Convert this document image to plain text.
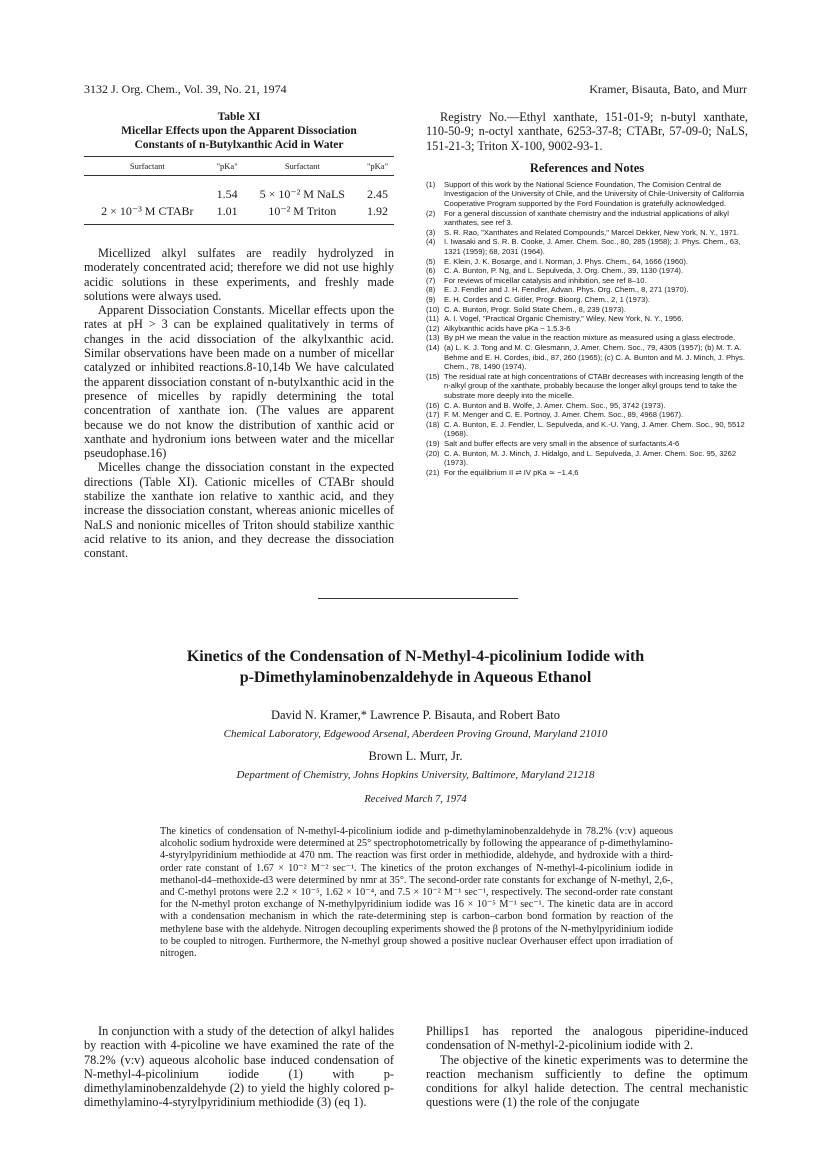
3132 J. Org. Chem., Vol. 39, No. 21, 1974	Kramer, Bisauta, Bato, and Murr
Table XI
Micellar Effects upon the Apparent Dissociation
Constants of n-Butylxanthic Acid in Water
Surfactant	"pKa"	Surfactant	"pKa"

	1.54	5 × 10⁻² M NaLS	2.45
2 × 10⁻³ M CTABr	1.01	10⁻² M Triton	1.92

Micellized alkyl sulfates are readily hydrolyzed in moderately concentrated acid; therefore we did not use highly acidic solutions in these experiments, and freshly made solutions were always used.

Apparent Dissociation Constants. Micellar effects upon the rates at pH > 3 can be explained qualitatively in terms of changes in the acid dissociation of the alkylxanthic acid. Similar observations have been made on a number of micellar catalyzed or inhibited reactions.8-10,14b We have calculated the apparent dissociation constant of n-butylxanthic acid in the presence of micelles by rapidly determining the total concentration of xanthate ion. (The values are apparent because we do not know the distribution of xanthic acid or xanthate and hydronium ions between water and the micellar pseudophase.16)

Micelles change the dissociation constant in the expected directions (Table XI). Cationic micelles of CTABr should stabilize the xanthate ion relative to xanthic acid, and they increase the dissociation constant, whereas anionic micelles of NaLS and nonionic micelles of Triton should stabilize xanthic acid relative to its anion, and they decrease the dissociation constant.

Registry No.—Ethyl xanthate, 151-01-9; n-butyl xanthate, 110-50-9; n-octyl xanthate, 6253-37-8; CTABr, 57-09-0; NaLS, 151-21-3; Triton X-100, 9002-93-1.

References and Notes
(1)	Support of this work by the National Science Foundation, The Comision Central de Investigacion of the University of Chile, and the University of Chile-University of California Cooperative Program supported by the Ford Foundation is gratefully acknowledged.
(2)	For a general discussion of xanthate chemistry and the industrial applications of alkyl xanthates, see ref 3.
(3)	S. R. Rao, "Xanthates and Related Compounds," Marcel Dekker, New York, N. Y., 1971.
(4)	I. Iwasaki and S. R. B. Cooke, J. Amer. Chem. Soc., 80, 285 (1958); J. Phys. Chem., 63, 1321 (1959); 68, 2031 (1964).
(5)	E. Klein, J. K. Bosarge, and I. Norman, J. Phys. Chem., 64, 1666 (1960).
(6)	C. A. Bunton, P. Ng, and L. Sepulveda, J. Org. Chem., 39, 1130 (1974).
(7)	For reviews of micellar catalysis and inhibition, see ref 8–10.
(8)	E. J. Fendler and J. H. Fendler, Advan. Phys. Org. Chem., 8, 271 (1970).
(9)	E. H. Cordes and C. Gitler, Progr. Bioorg. Chem., 2, 1 (1973).
(10) C. A. Bunton, Progr. Solid State Chem., 8, 239 (1973).
(11) A. I. Vogel, "Practical Organic Chemistry," Wiley, New York, N. Y., 1956.
(12) Alkylxanthic acids have pKa ~ 1.5.3-6
(13) By pH we mean the value in the reaction mixture as measured using a glass electrode.
(14) (a) L. K. J. Tong and M. C. Glesmann, J. Amer. Chem. Soc., 79, 4305 (1957); (b) M. T. A. Behme and E. H. Cordes, ibid., 87, 260 (1965); (c) C. A. Bunton and M. J. Minch, J. Phys. Chem., 78, 1490 (1974).
(15) The residual rate at high concentrations of CTABr decreases with increasing length of the n-alkyl group of the xanthate, probably because the longer alkyl groups tend to take the substrate more deeply into the micelle.
(16) C. A. Bunton and B. Wolfe, J. Amer. Chem. Soc., 95, 3742 (1973).
(17) F. M. Menger and C. E. Portnoy, J. Amer. Chem. Soc., 89, 4968 (1967).
(18) C. A. Bunton, E. J. Fendler, L. Sepulveda, and K.-U. Yang, J. Amer. Chem. Soc., 90, 5512 (1968).
(19) Salt and buffer effects are very small in the absence of surfactants.4-6
(20) C. A. Bunton, M. J. Minch, J. Hidalgo, and L. Sepulveda, J. Amer. Chem. Soc. 95, 3262 (1973).
(21) For the equilibrium II ⇌ IV pKa ≃ −1.4,6
Kinetics of the Condensation of N-Methyl-4-picolinium Iodide with
p-Dimethylaminobenzaldehyde in Aqueous Ethanol
David N. Kramer,* Lawrence P. Bisauta, and Robert Bato
Chemical Laboratory, Edgewood Arsenal, Aberdeen Proving Ground, Maryland 21010
Brown L. Murr, Jr.
Department of Chemistry, Johns Hopkins University, Baltimore, Maryland 21218
Received March 7, 1974
The kinetics of condensation of N-methyl-4-picolinium iodide and p-dimethylaminobenzaldehyde in 78.2% (v:v) aqueous alcoholic sodium hydroxide were determined at 25° spectrophotometrically by following the appearance of p-dimethylamino-4-styrylpyridinium methiodide at 470 nm. The reaction was first order in methiodide, aldehyde, and hydroxide with a third-order rate constant of 1.67 × 10⁻² M⁻² sec⁻¹. The kinetics of the proton exchanges of N-methyl-4-picolinium iodide in methanol-d4–methoxide-d3 were determined by nmr at 35°. The second-order rate constants for exchange of N-methyl, 2,6-, and C-methyl protons were 2.2 × 10⁻⁵, 1.62 × 10⁻⁴, and 7.5 × 10⁻² M⁻¹ sec⁻¹, respectively. The second-order rate constant for the N-methyl proton exchange of N-methylpyridinium iodide was 16 × 10⁻⁵ M⁻¹ sec⁻¹. The kinetic data are in accord with a condensation mechanism in which the rate-determining step is carbon–carbon bond formation by reaction of the methylene base with the aldehyde. Nitrogen decoupling experiments showed the β protons of the N-methylpyridinium iodide to be coupled to nitrogen. Furthermore, the N-methyl group showed a positive nuclear Overhauser effect upon irradiation of nitrogen.

In conjunction with a study of the detection of alkyl halides by reaction with 4-picoline we have examined the rate of the 78.2% (v:v) aqueous alcoholic base induced condensation of N-methyl-4-picolinium iodide (1) with p-dimethylaminobenzaldehyde (2) to yield the highly colored p-dimethylamino-4-styrylpyridinium methiodide (3) (eq 1).

Phillips1 has reported the analogous piperidine-induced condensation of N-methyl-2-picolinium iodide with 2.

The objective of the kinetic experiments was to determine the reaction mechanism sufficiently to define the optimum conditions for alkyl halide detection. The central mechanistic questions were (1) the role of the conjugate
